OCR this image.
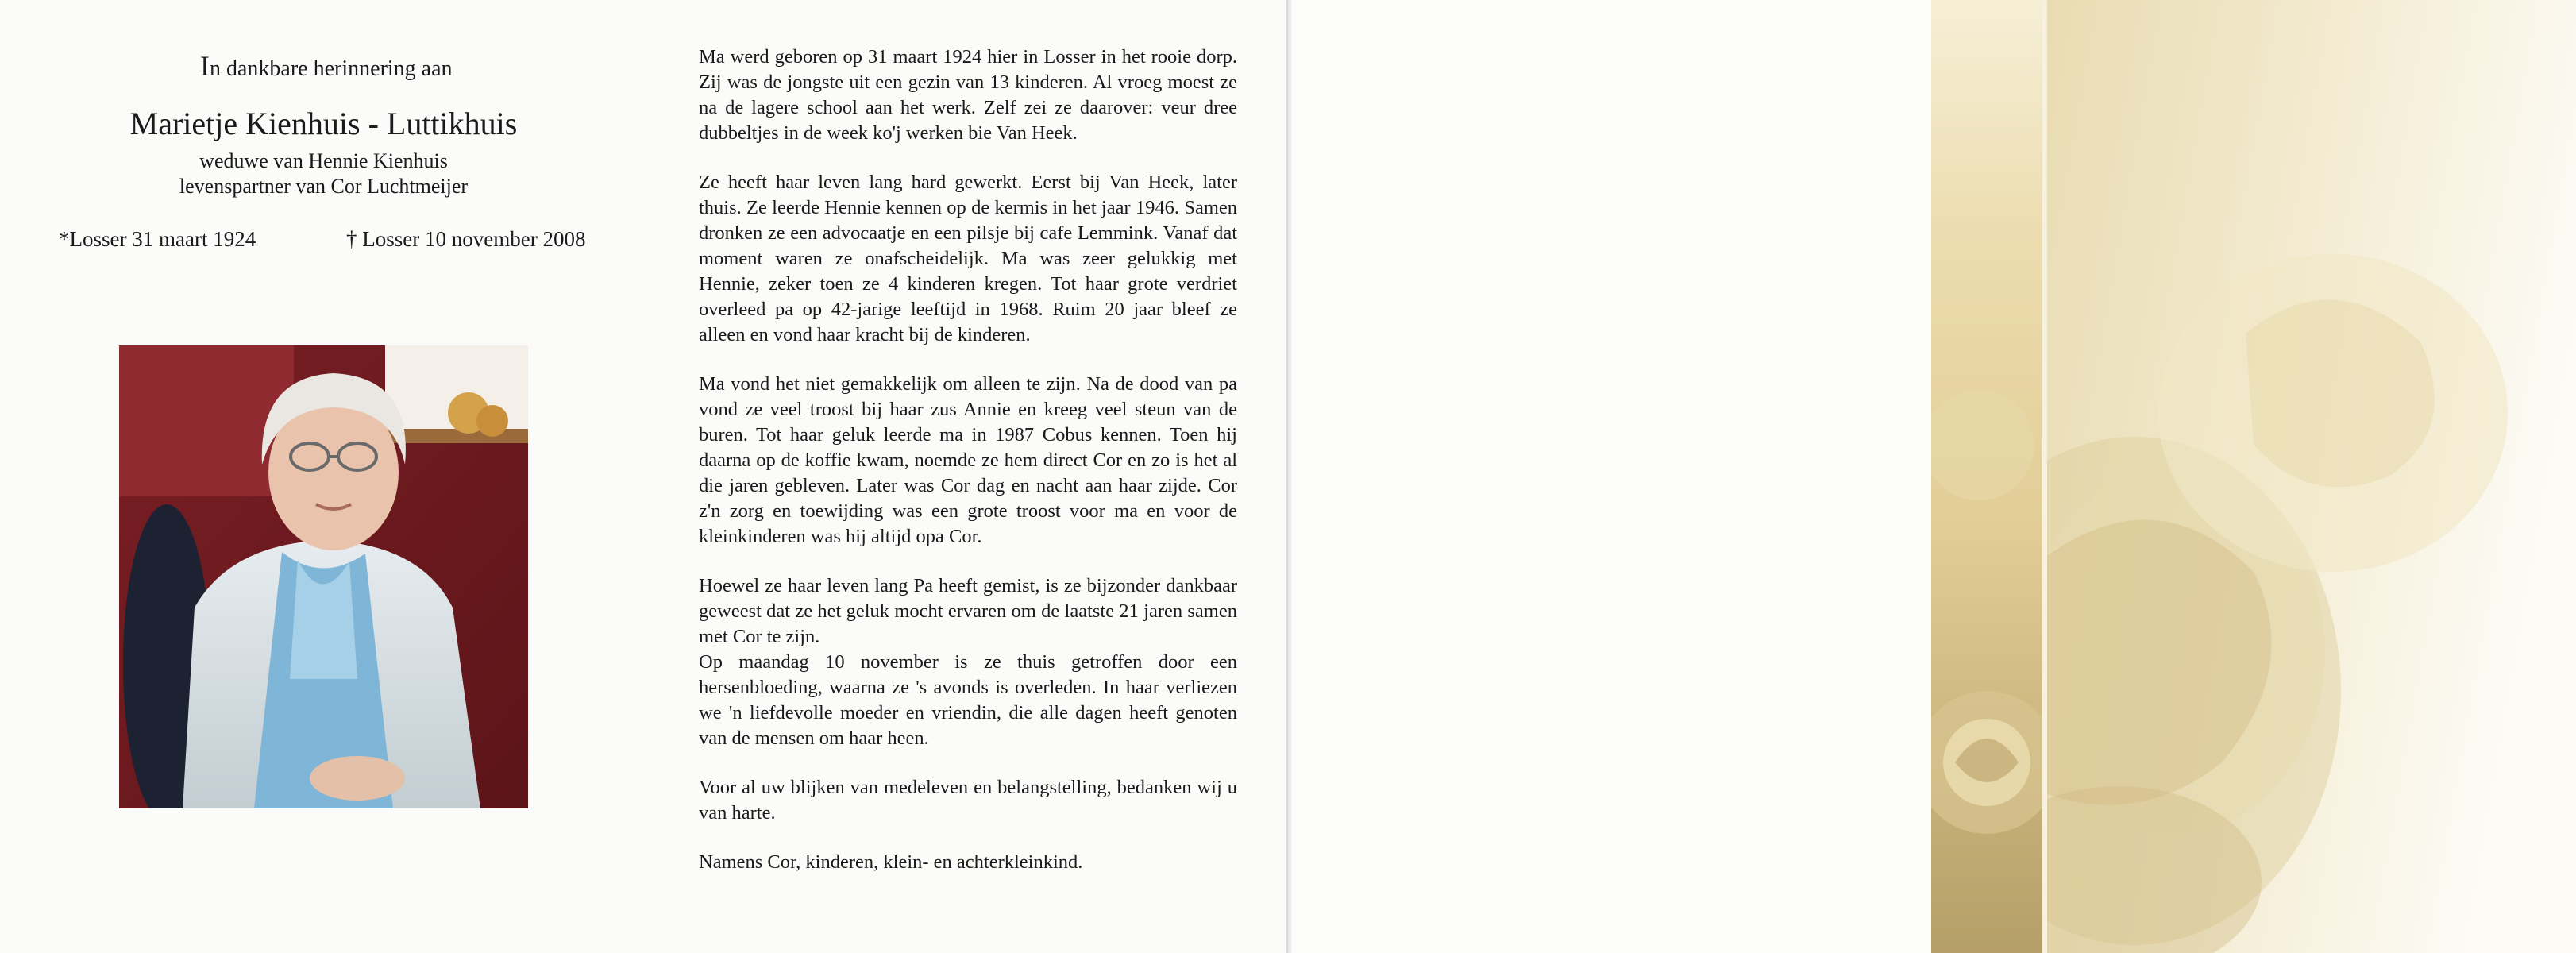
In dankbare herinnering aan
Marietje Kienhuis - Luttikhuis
weduwe van Hennie Kienhuis
levenspartner van Cor Luchtmeijer
*Losser 31 maart 1924	† Losser 10 november 2008

Ma werd geboren op 31 maart 1924 hier in Losser in het rooie dorp. Zij was de jongste uit een gezin van 13 kinderen. Al vroeg moest ze na de lagere school aan het werk. Zelf zei ze daarover: veur dree dubbeltjes in de week ko'j werken bie Van Heek.

Ze heeft haar leven lang hard gewerkt. Eerst bij Van Heek, later thuis. Ze leerde Hennie kennen op de kermis in het jaar 1946. Samen dronken ze een advocaatje en een pilsje bij cafe Lemmink. Vanaf dat moment waren ze onafscheidelijk. Ma was zeer gelukkig met Hennie, zeker toen ze 4 kinderen kregen. Tot haar grote verdriet overleed pa op 42-jarige leeftijd in 1968. Ruim 20 jaar bleef ze alleen en vond haar kracht bij de kinderen.

Ma vond het niet gemakkelijk om alleen te zijn. Na de dood van pa vond ze veel troost bij haar zus Annie en kreeg veel steun van de buren. Tot haar geluk leerde ma in 1987 Cobus kennen. Toen hij daarna op de koffie kwam, noemde ze hem direct Cor en zo is het al die jaren gebleven. Later was Cor dag en nacht aan haar zijde. Cor z'n zorg en toewijding was een grote troost voor ma en voor de kleinkinderen was hij altijd opa Cor.

Hoewel ze haar leven lang Pa heeft gemist, is ze bijzonder dankbaar geweest dat ze het geluk mocht ervaren om de laatste 21 jaren samen met Cor te zijn.
Op maandag 10 november is ze thuis getroffen door een hersenbloeding, waarna ze 's avonds is overleden. In haar verliezen we 'n liefdevolle moeder en vriendin, die alle dagen heeft genoten van de mensen om haar heen.

Voor al uw blijken van medeleven en belangstelling, bedanken wij u van harte.

Namens Cor, kinderen, klein- en achterkleinkind.
